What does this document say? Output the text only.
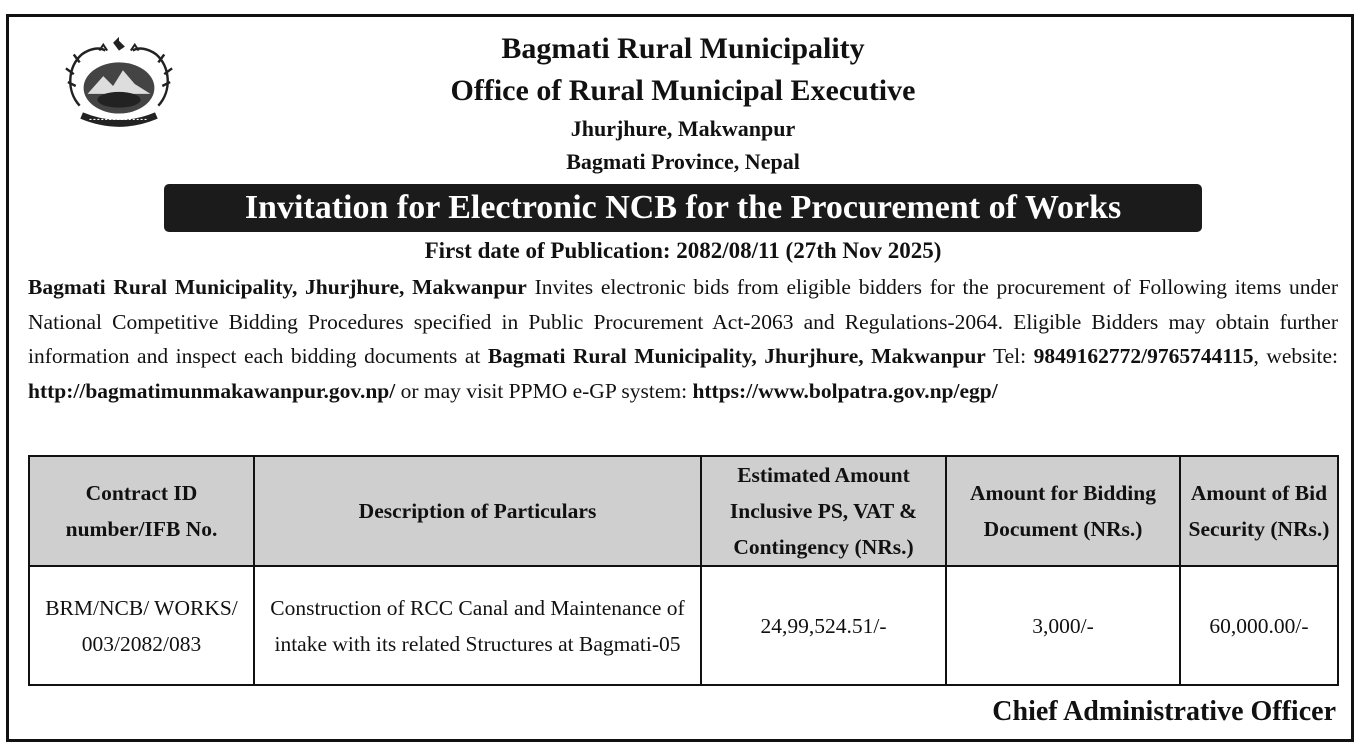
Bagmati Rural Municipality
Office of Rural Municipal Executive
Jhurjhure, Makwanpur
Bagmati Province, Nepal
Invitation for Electronic NCB for the Procurement of Works
First date of Publication: 2082/08/11 (27th Nov 2025)
Bagmati Rural Municipality, Jhurjhure, Makwanpur Invites electronic bids from eligible bidders for the procurement of Following items under National Competitive Bidding Procedures specified in Public Procurement Act-2063 and Regulations-2064. Eligible Bidders may obtain further information and inspect each bidding documents at Bagmati Rural Municipality, Jhurjhure, Makwanpur Tel: 9849162772/9765744115, website: http://bagmatimunmakawanpur.gov.np/ or may visit PPMO e-GP system: https://www.bolpatra.gov.np/egp/
Contract ID number/IFB No.	Description of Particulars	Estimated Amount Inclusive PS, VAT & Contingency (NRs.)	Amount for Bidding Document (NRs.)	Amount of Bid Security (NRs.)
BRM/NCB/ WORKS/ 003/2082/083	Construction of RCC Canal and Maintenance of intake with its related Structures at Bagmati-05	24,99,524.51/-	3,000/-	60,000.00/-
Chief Administrative Officer
